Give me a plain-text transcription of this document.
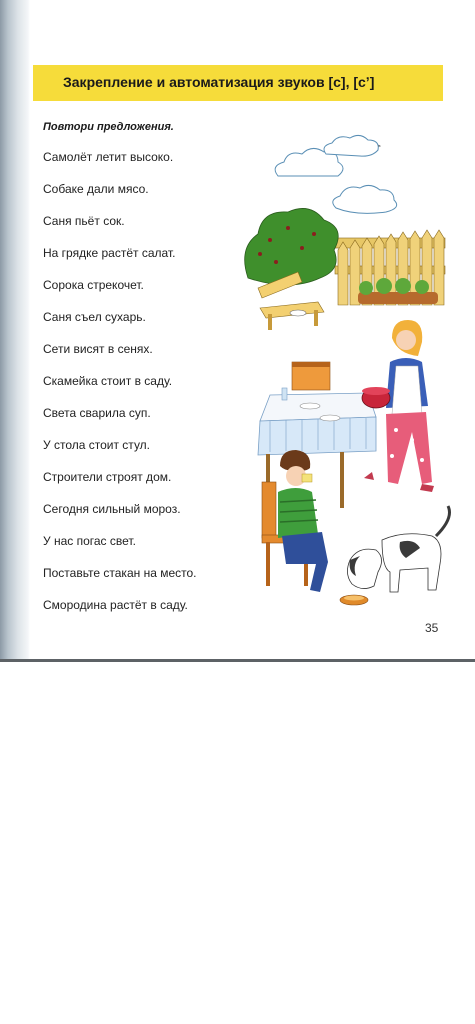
Закрепление и автоматизация звуков [с], [сʼ]
Повтори предложения.
Самолёт летит высоко.
Собаке дали мясо.
Саня пьёт сок.
На грядке растёт салат.
Сорока стрекочет.
Саня съел сухарь.
Сети висят в сенях.
Скамейка стоит в саду.
Света сварила суп.
У стола стоит стул.
Строители строят дом.
Сегодня сильный мороз.
У нас погас свет.
Поставьте стакан на место.
Смородина растёт в саду.
35
